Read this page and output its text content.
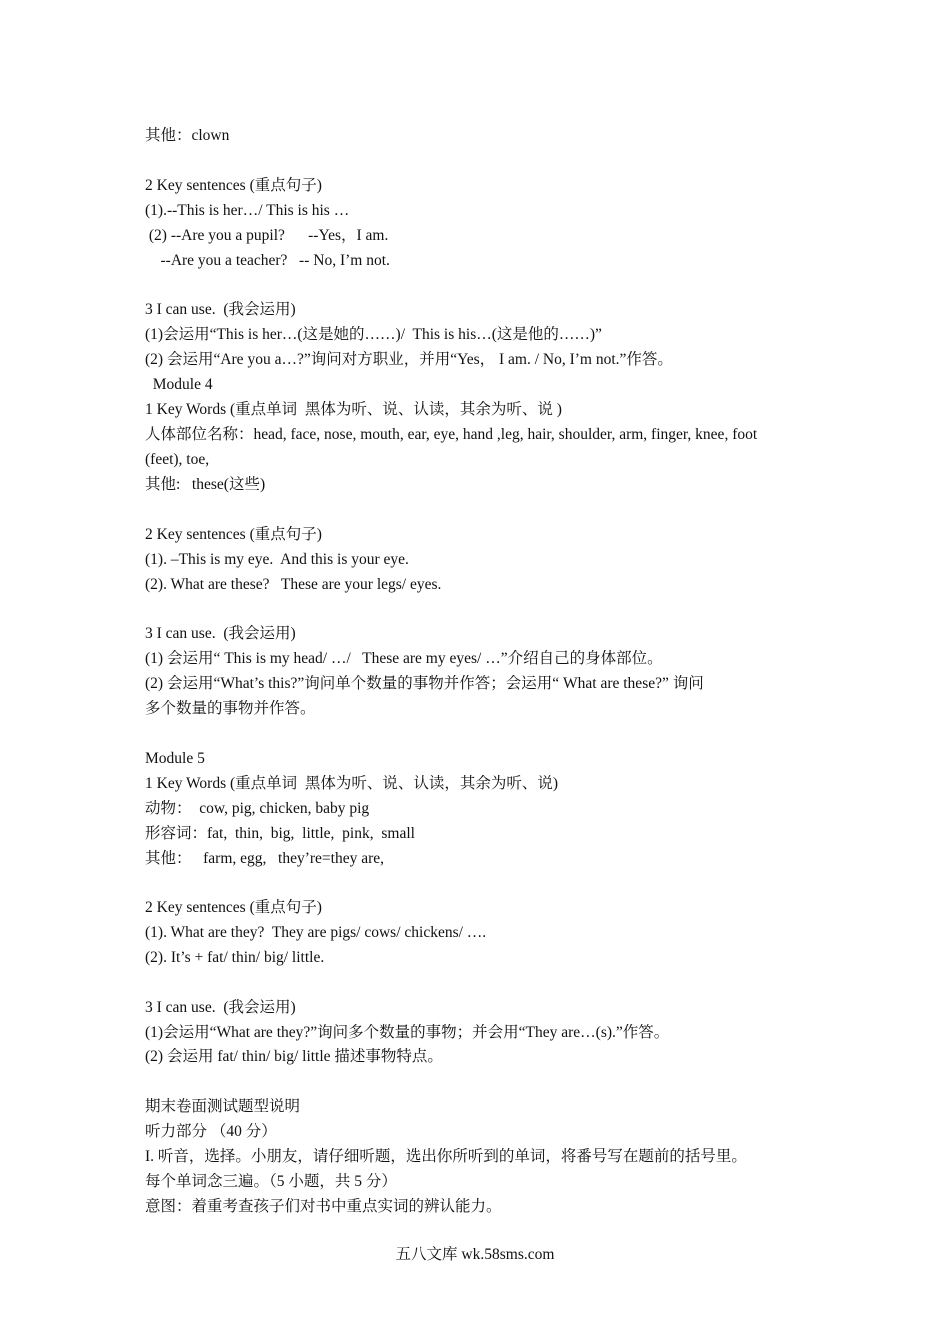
其他：clown
2 Key sentences (重点句子)
(1).--This is her…/ This is his …
(2) --Are you a pupil?      --Yes，I am.
--Are you a teacher?   -- No, I’m not.
3 I can use.  (我会运用)
(1)会运用“This is her…(这是她的……)/  This is his…(这是他的……)”
(2) 会运用“Are you a…?”询问对方职业，并用“Yes， I am. / No, I’m not.”作答。
Module 4
1 Key Words (重点单词  黑体为听、说、认读，其余为听、说 )
人体部位名称：head, face, nose, mouth, ear, eye, hand ,leg, hair, shoulder, arm, finger, knee, foot
(feet), toe,
其他:   these(这些)
2 Key sentences (重点句子)
(1). –This is my eye.  And this is your eye.
(2). What are these?   These are your legs/ eyes.
3 I can use.  (我会运用)
(1) 会运用“ This is my head/ …/   These are my eyes/ …”介绍自己的身体部位。
(2) 会运用“What’s this?”询问单个数量的事物并作答；会运用“ What are these?” 询问
多个数量的事物并作答。
Module 5
1 Key Words (重点单词  黑体为听、说、认读，其余为听、说)
动物：  cow, pig, chicken, baby pig
形容词：fat,  thin,  big,  little,  pink,  small
其他：   farm, egg,   they’re=they are,
2 Key sentences (重点句子)
(1). What are they?  They are pigs/ cows/ chickens/ ….
(2). It’s + fat/ thin/ big/ little.
3 I can use.  (我会运用)
(1)会运用“What are they?”询问多个数量的事物；并会用“They are…(s).”作答。
(2) 会运用 fat/ thin/ big/ little 描述事物特点。
期末卷面测试题型说明
听力部分 （40 分）
I. 听音，选择。小朋友，请仔细听题，选出你所听到的单词，将番号写在题前的括号里。
每个单词念三遍。（5 小题，共 5 分）
意图：着重考查孩子们对书中重点实词的辨认能力。
五八文库 wk.58sms.com
